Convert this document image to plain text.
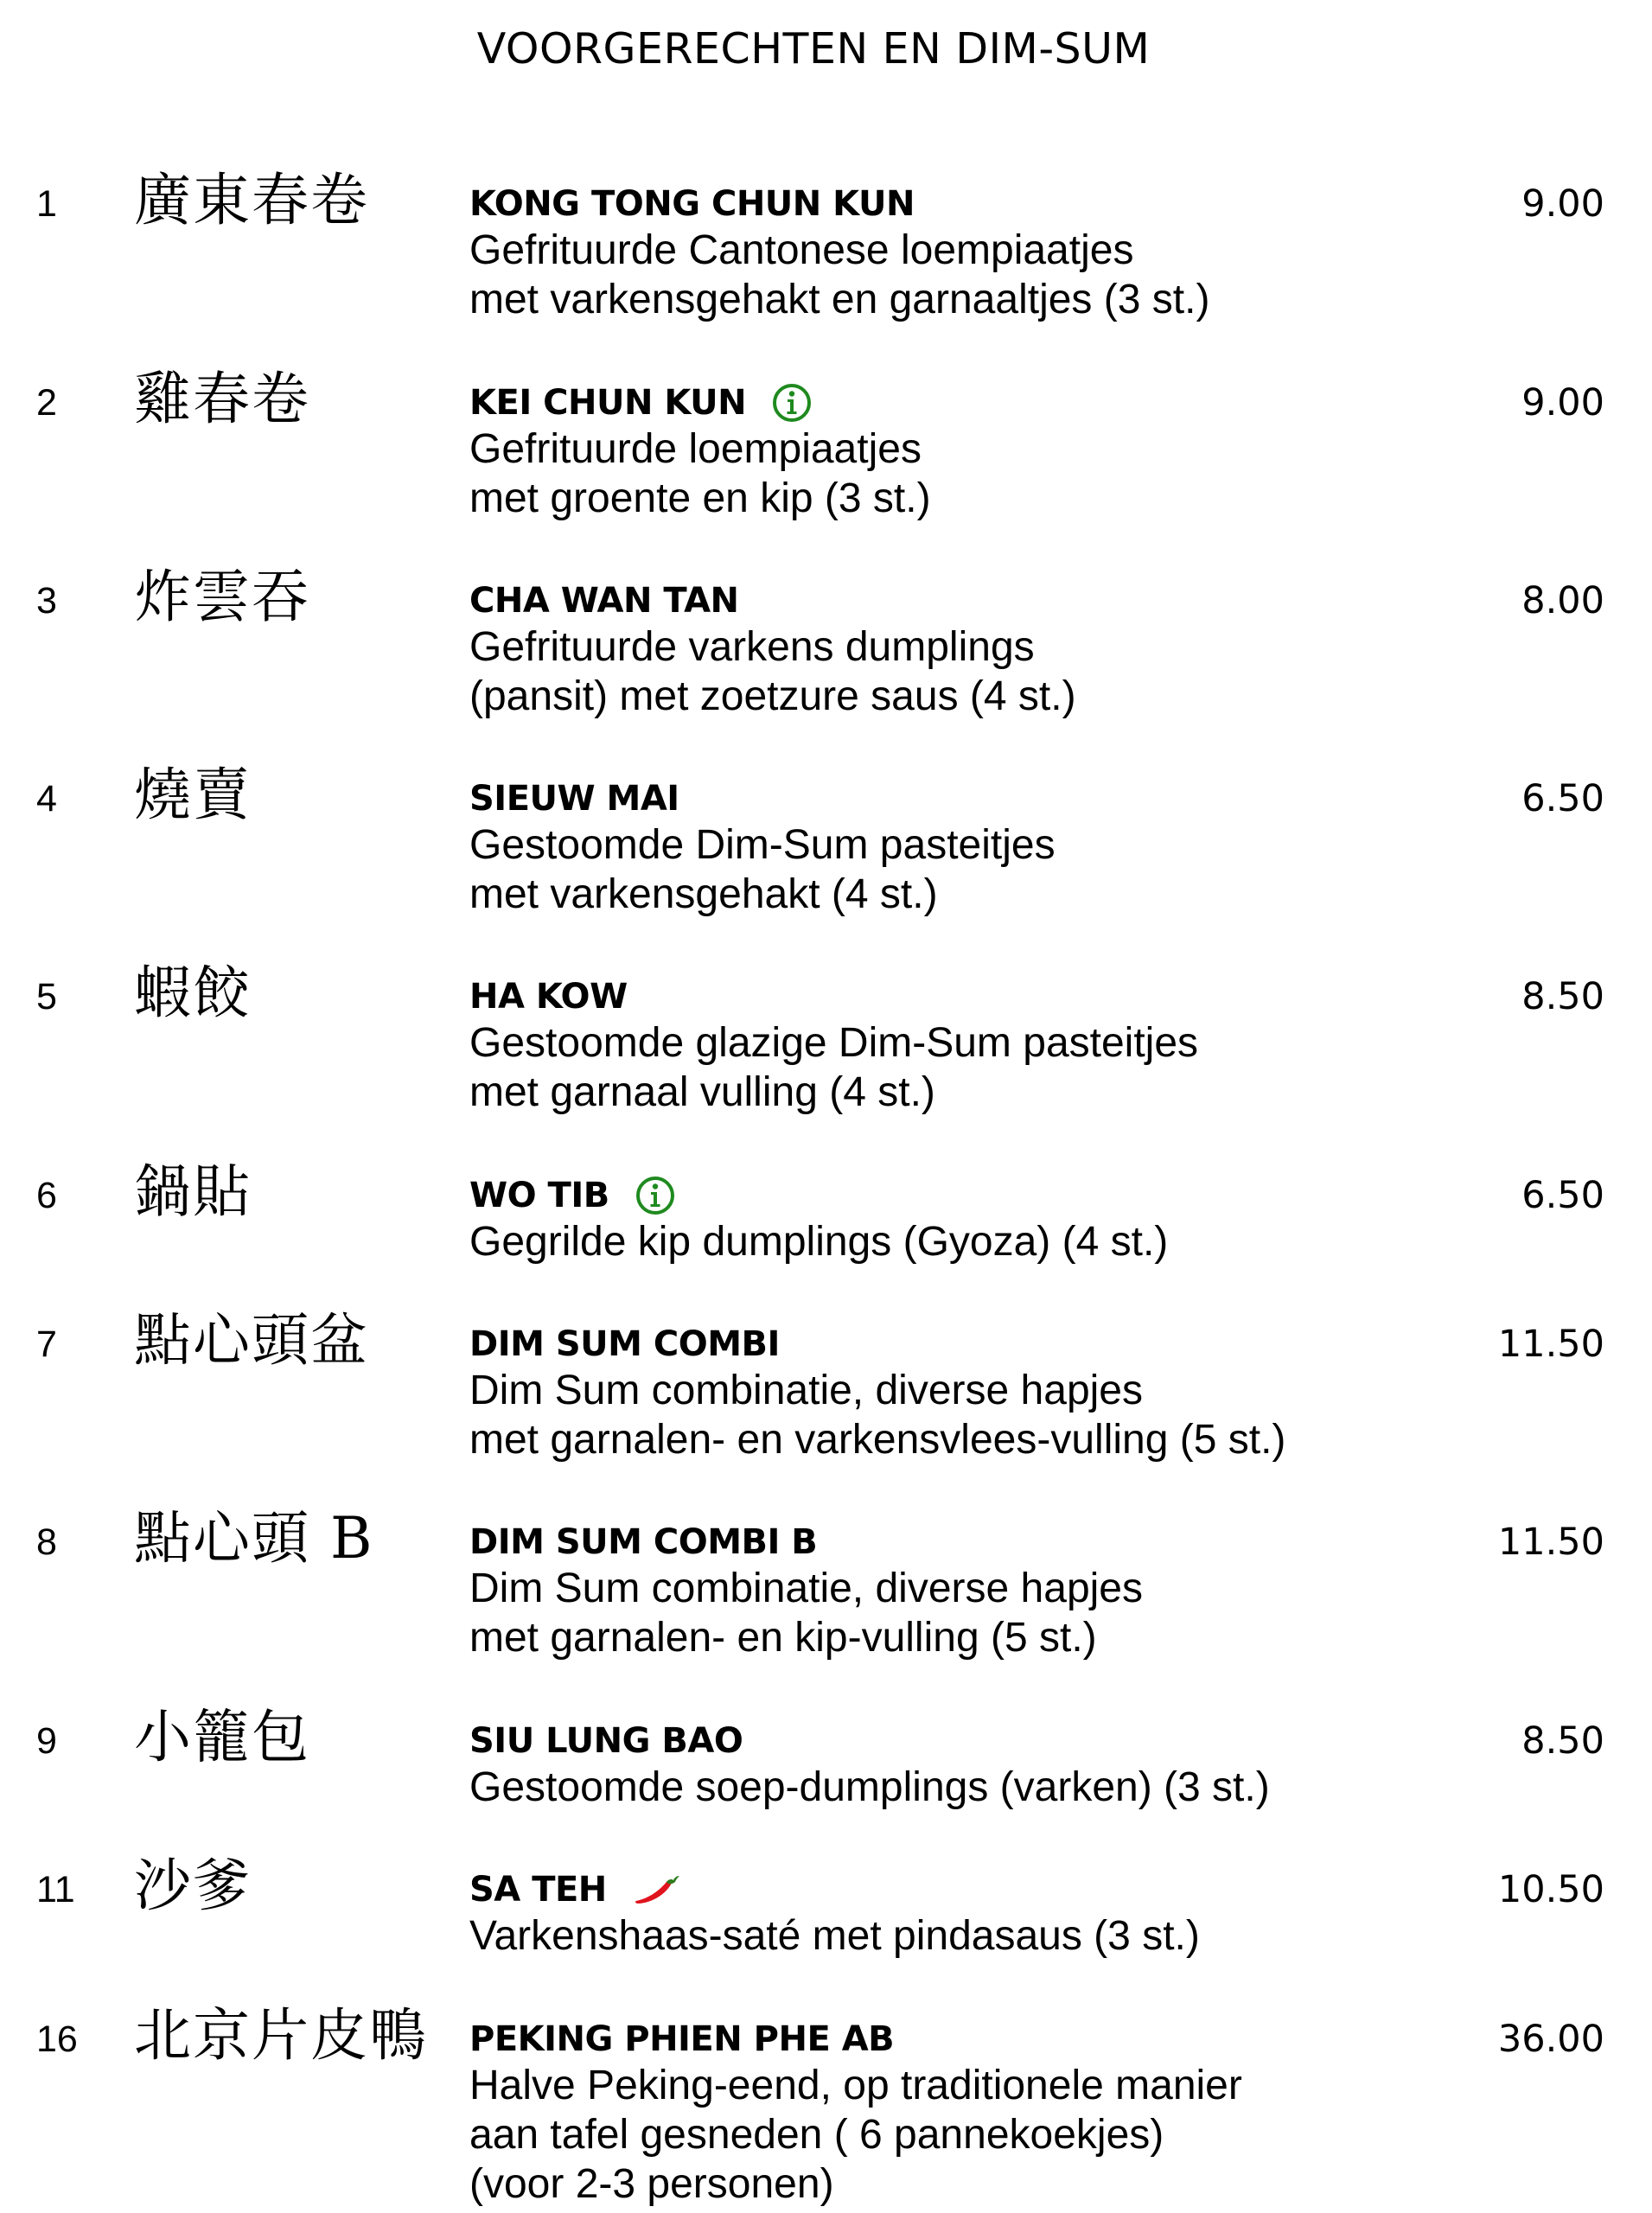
VOORGERECHTEN EN DIM-SUM
1 廣東春卷	KONG TONG CHUN KUN	9.00
Gefrituurde Cantonese loempiaatjes
met varkensgehakt en garnaaltjes (3 st.)
2 雞春卷	KEI CHUN KUN	9.00
Gefrituurde loempiaatjes
met groente en kip (3 st.)
3 炸雲吞	CHA WAN TAN	8.00
Gefrituurde varkens dumplings
(pansit) met zoetzure saus (4 st.)
4 燒賣	SIEUW MAI	6.50
Gestoomde Dim-Sum pasteitjes
met varkensgehakt (4 st.)
5 蝦餃	HA KOW	8.50
Gestoomde glazige Dim-Sum pasteitjes
met garnaal vulling (4 st.)
6 鍋貼	WO TIB	6.50
Gegrilde kip dumplings (Gyoza) (4 st.)
7 點心頭盆	DIM SUM COMBI	11.50
Dim Sum combinatie, diverse hapjes
met garnalen- en varkensvlees-vulling (5 st.)
8 點心頭 B	DIM SUM COMBI B	11.50
Dim Sum combinatie, diverse hapjes
met garnalen- en kip-vulling (5 st.)
9 小籠包	SIU LUNG BAO	8.50
Gestoomde soep-dumplings (varken) (3 st.)
11 沙爹	SA TEH	10.50
Varkenshaas-saté met pindasaus (3 st.)
16 北京片皮鴨 PEKING PHIEN PHE AB	36.00
Halve Peking-eend, op traditionele manier
aan tafel gesneden ( 6 pannekoekjes)
(voor 2-3 personen)
